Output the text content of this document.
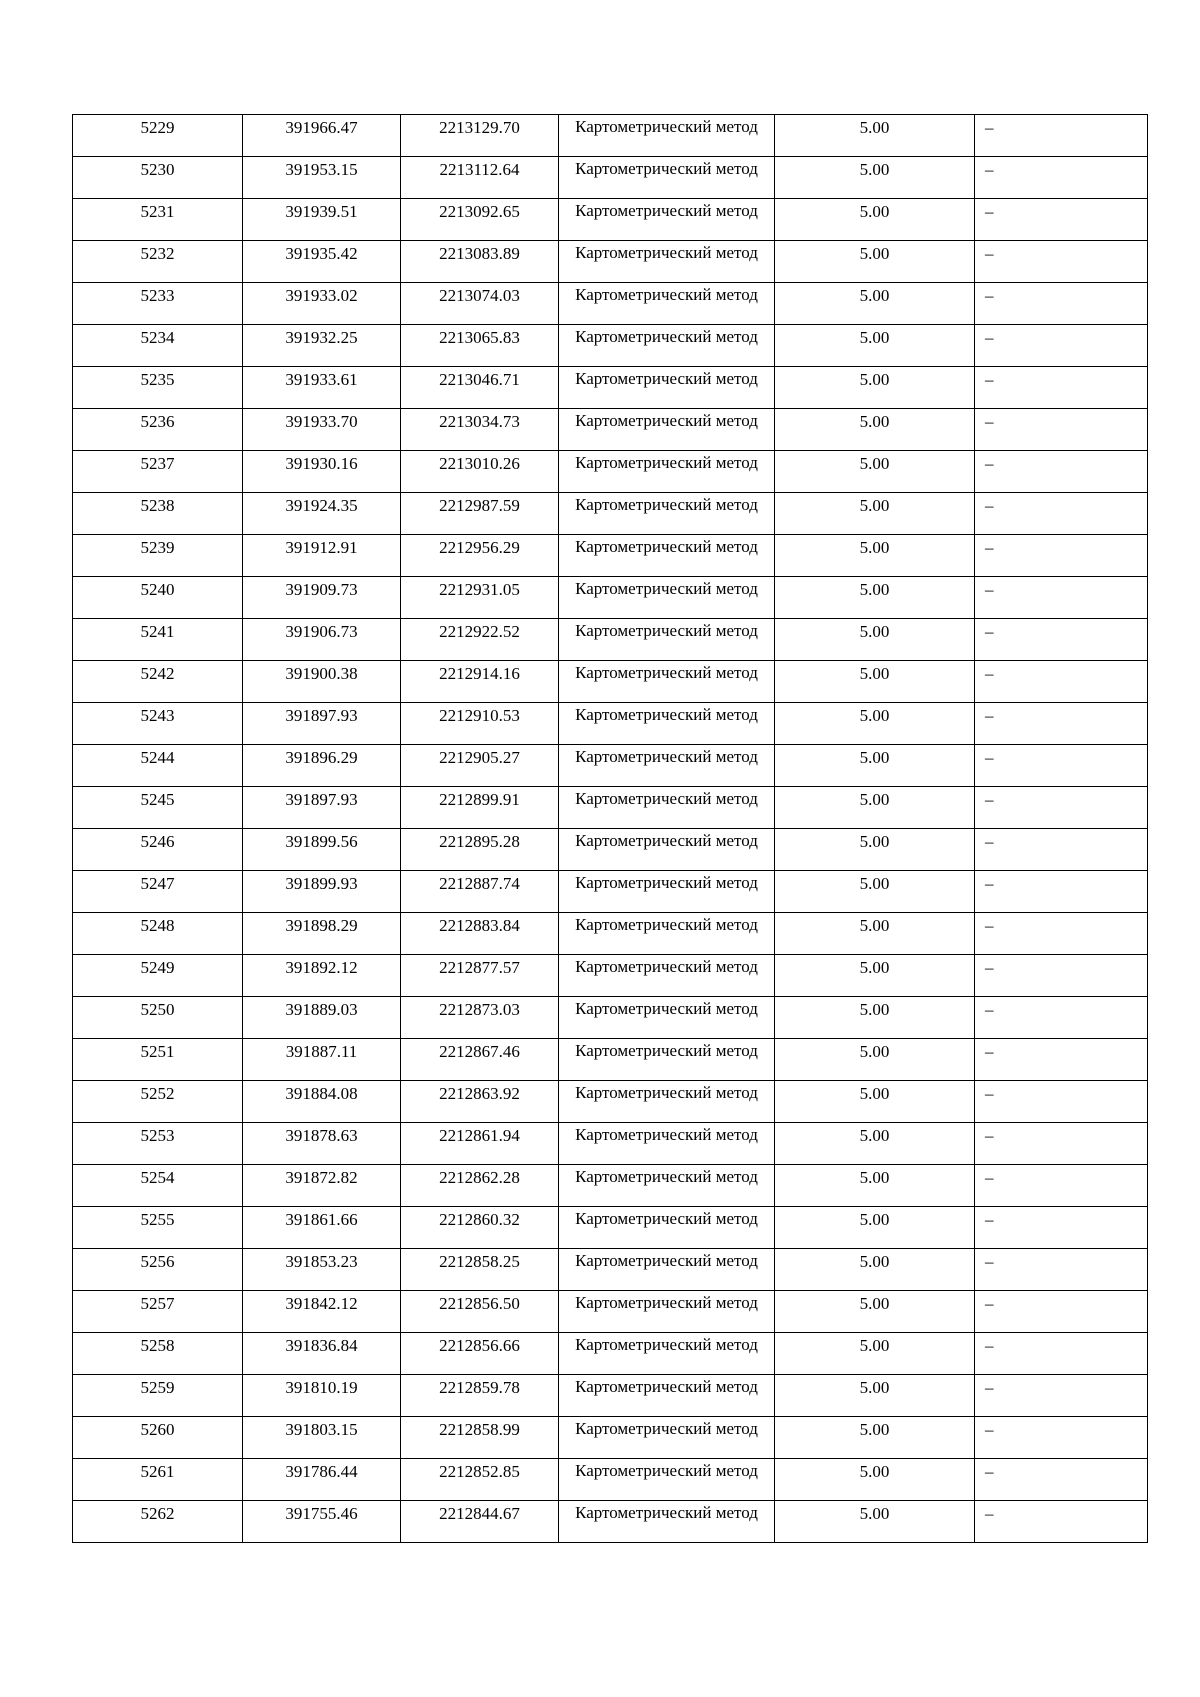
5229	391966.47	2213129.70	Картометрический метод	5.00	–

5230	391953.15	2213112.64	Картометрический метод	5.00	–

5231	391939.51	2213092.65	Картометрический метод	5.00	–

5232	391935.42	2213083.89	Картометрический метод	5.00	–

5233	391933.02	2213074.03	Картометрический метод	5.00	–

5234	391932.25	2213065.83	Картометрический метод	5.00	–

5235	391933.61	2213046.71	Картометрический метод	5.00	–

5236	391933.70	2213034.73	Картометрический метод	5.00	–

5237	391930.16	2213010.26	Картометрический метод	5.00	–

5238	391924.35	2212987.59	Картометрический метод	5.00	–

5239	391912.91	2212956.29	Картометрический метод	5.00	–

5240	391909.73	2212931.05	Картометрический метод	5.00	–

5241	391906.73	2212922.52	Картометрический метод	5.00	–

5242	391900.38	2212914.16	Картометрический метод	5.00	–

5243	391897.93	2212910.53	Картометрический метод	5.00	–

5244	391896.29	2212905.27	Картометрический метод	5.00	–

5245	391897.93	2212899.91	Картометрический метод	5.00	–

5246	391899.56	2212895.28	Картометрический метод	5.00	–

5247	391899.93	2212887.74	Картометрический метод	5.00	–

5248	391898.29	2212883.84	Картометрический метод	5.00	–

5249	391892.12	2212877.57	Картометрический метод	5.00	–

5250	391889.03	2212873.03	Картометрический метод	5.00	–

5251	391887.11	2212867.46	Картометрический метод	5.00	–

5252	391884.08	2212863.92	Картометрический метод	5.00	–

5253	391878.63	2212861.94	Картометрический метод	5.00	–

5254	391872.82	2212862.28	Картометрический метод	5.00	–

5255	391861.66	2212860.32	Картометрический метод	5.00	–

5256	391853.23	2212858.25	Картометрический метод	5.00	–

5257	391842.12	2212856.50	Картометрический метод	5.00	–

5258	391836.84	2212856.66	Картометрический метод	5.00	–

5259	391810.19	2212859.78	Картометрический метод	5.00	–

5260	391803.15	2212858.99	Картометрический метод	5.00	–

5261	391786.44	2212852.85	Картометрический метод	5.00	–

5262	391755.46	2212844.67	Картометрический метод	5.00	–
